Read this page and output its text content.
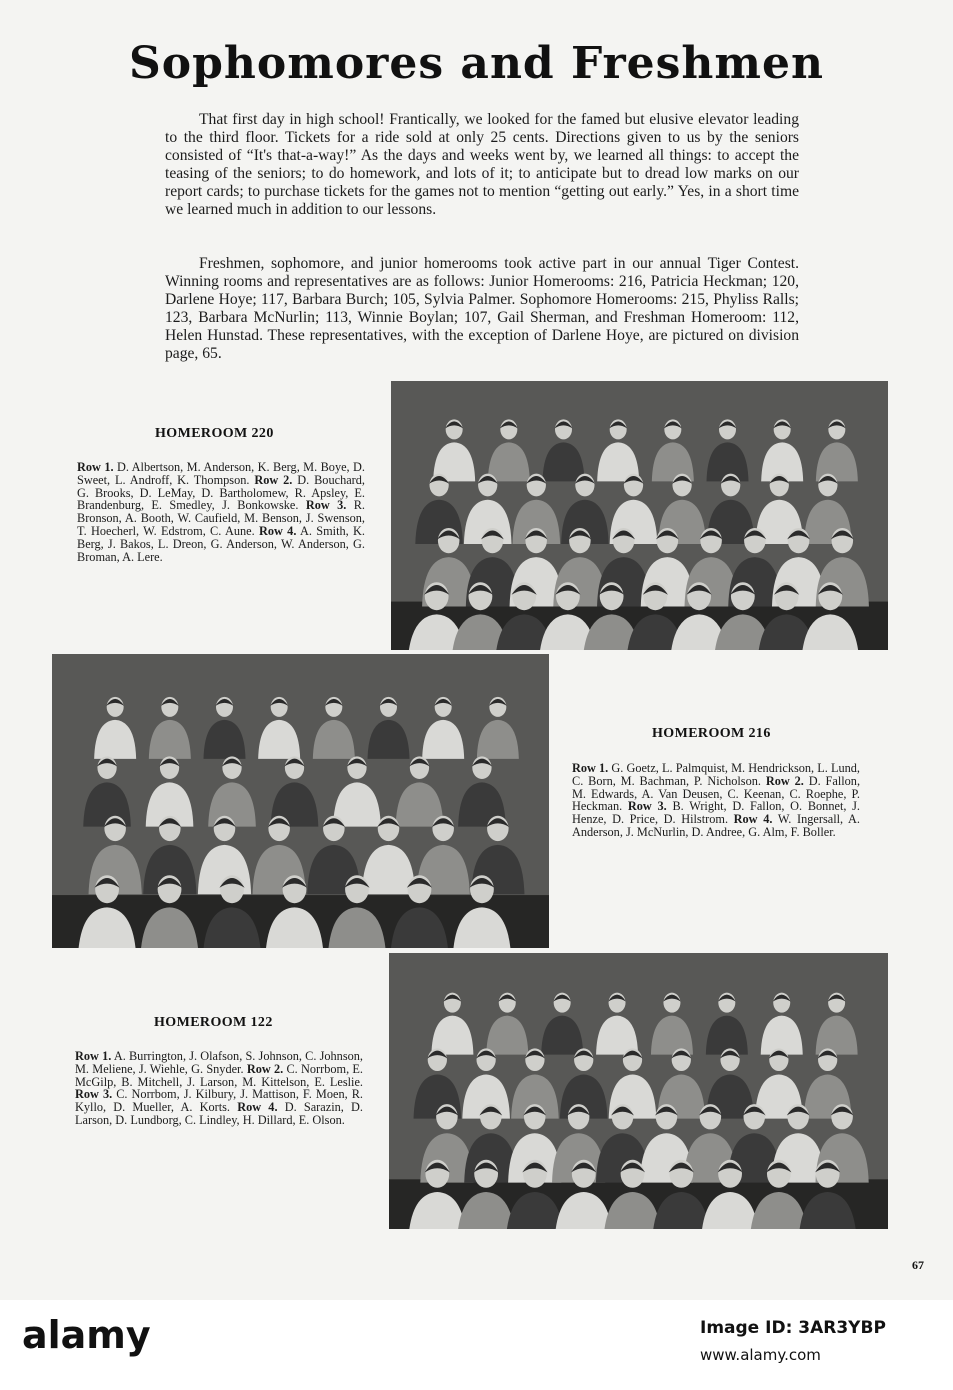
Sophomores and Freshmen

That first day in high school! Frantically, we looked for the famed but elusive elevator leading to the third floor. Tickets for a ride sold at only 25 cents. Directions given to us by the seniors consisted of “It's that-a-way!” As the days and weeks went by, we learned all things: to accept the teasing of the seniors; to do homework, and lots of it; to anticipate but to dread low marks on our report cards; to purchase tickets for the games not to mention “getting out early.” Yes, in a short time we learned much in addition to our lessons.

Freshmen, sophomore, and junior homerooms took active part in our annual Tiger Contest. Winning rooms and representatives are as follows: Junior Homerooms: 216, Patricia Heckman; 120, Darlene Hoye; 117, Barbara Burch; 105, Sylvia Palmer. Sophomore Homerooms: 215, Phyliss Ralls; 123, Barbara McNurlin; 113, Winnie Boylan; 107, Gail Sherman, and Freshman Homeroom: 112, Helen Hunstad. These representatives, with the exception of Darlene Hoye, are pictured on division page, 65.

HOMEROOM 220

Row 1. D. Albertson, M. Anderson, K. Berg, M. Boye, D. Sweet, L. Androff, K. Thompson. Row 2. D. Bouchard, G. Brooks, D. LeMay, D. Bartholomew, R. Apsley, E. Brandenburg, E. Smedley, J. Bonkowske. Row 3. R. Bronson, A. Booth, W. Caufield, M. Benson, J. Swenson, T. Hoecherl, W. Edstrom, C. Aune. Row 4. A. Smith, K. Berg, J. Bakos, L. Dreon, G. Anderson, W. Anderson, G. Broman, A. Lere.

HOMEROOM 216

Row 1. G. Goetz, L. Palmquist, M. Hendrickson, L. Lund, C. Born, M. Bachman, P. Nicholson. Row 2. D. Fallon, M. Edwards, A. Van Deusen, C. Keenan, C. Roephe, P. Heckman. Row 3. B. Wright, D. Fallon, O. Bonnet, J. Henze, D. Price, D. Hilstrom. Row 4. W. Ingersall, A. Anderson, J. McNurlin, D. Andree, G. Alm, F. Boller.

HOMEROOM 122

Row 1. A. Burrington, J. Olafson, S. Johnson, C. Johnson, M. Meliene, J. Wiehle, G. Snyder. Row 2. C. Norrbom, E. McGilp, B. Mitchell, J. Larson, M. Kittelson, E. Leslie. Row 3. C. Norrbom, J. Kilbury, J. Mattison, F. Moen, R. Kyllo, D. Mueller, A. Korts. Row 4. D. Sarazin, D. Larson, D. Lundborg, C. Lindley, H. Dillard, E. Olson.

67
alamy	Image ID: 3AR3YBP
www.alamy.com
